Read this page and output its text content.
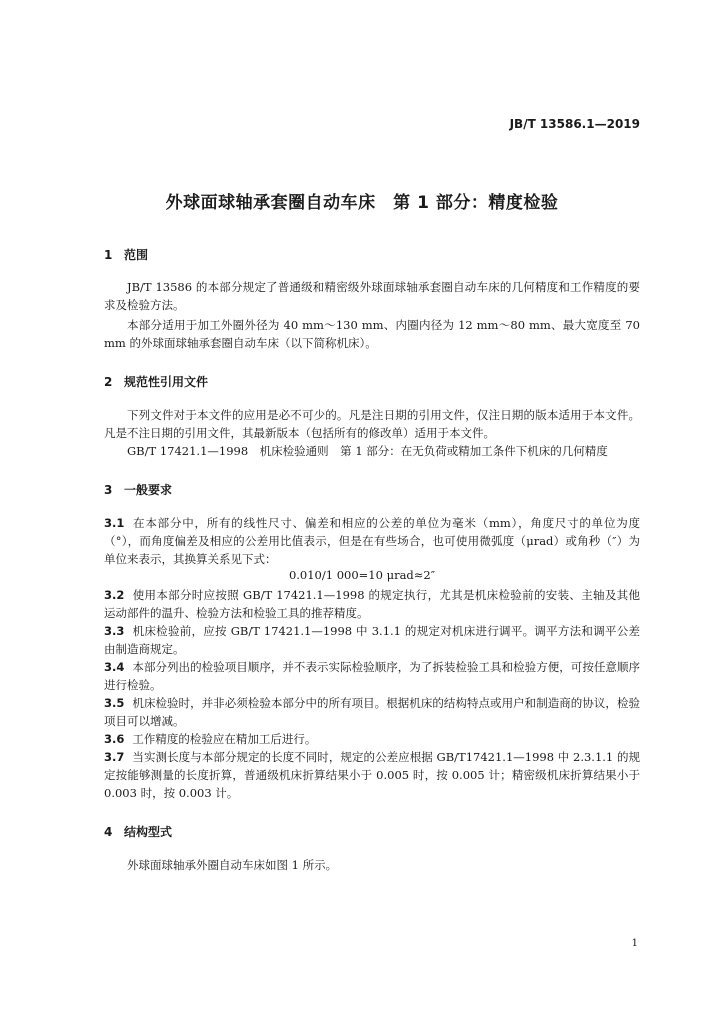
JB/T 13586.1—2019
外球面球轴承套圈自动车床　第 1 部分：精度检验
1 范围
JB/T 13586 的本部分规定了普通级和精密级外球面球轴承套圈自动车床的几何精度和工作精度的要求及检验方法。
本部分适用于加工外圈外径为 40 mm～130 mm、内圈内径为 12 mm～80 mm、最大宽度至 70 mm 的外球面球轴承套圈自动车床（以下简称机床）。
2 规范性引用文件
下列文件对于本文件的应用是必不可少的。凡是注日期的引用文件，仅注日期的版本适用于本文件。凡是不注日期的引用文件，其最新版本（包括所有的修改单）适用于本文件。
GB/T 17421.1—1998　机床检验通则　第 1 部分：在无负荷或精加工条件下机床的几何精度
3 一般要求
3.1 在本部分中，所有的线性尺寸、偏差和相应的公差的单位为毫米（mm），角度尺寸的单位为度（°），而角度偏差及相应的公差用比值表示，但是在有些场合，也可使用微弧度（μrad）或角秒（″）为单位来表示，其换算关系见下式：
0.010/1 000=10 μrad≈2″
3.2 使用本部分时应按照 GB/T 17421.1—1998 的规定执行，尤其是机床检验前的安装、主轴及其他运动部件的温升、检验方法和检验工具的推荐精度。
3.3 机床检验前，应按 GB/T 17421.1—1998 中 3.1.1 的规定对机床进行调平。调平方法和调平公差由制造商规定。
3.4 本部分列出的检验项目顺序，并不表示实际检验顺序，为了拆装检验工具和检验方便，可按任意顺序进行检验。
3.5 机床检验时，并非必须检验本部分中的所有项目。根据机床的结构特点或用户和制造商的协议，检验项目可以增减。
3.6 工作精度的检验应在精加工后进行。
3.7 当实测长度与本部分规定的长度不同时，规定的公差应根据 GB/T17421.1—1998 中 2.3.1.1 的规定按能够测量的长度折算，普通级机床折算结果小于 0.005 时，按 0.005 计；精密级机床折算结果小于 0.003 时，按 0.003 计。
4 结构型式
外球面球轴承外圈自动车床如图 1 所示。
1
